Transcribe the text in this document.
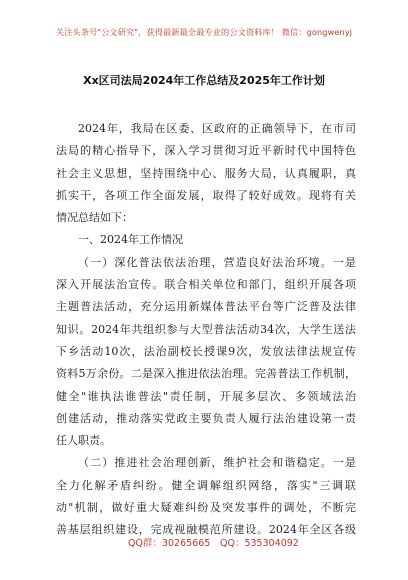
关注头条号"公文研究"，获得最新最全最专业的公文资料库！ 微信：gongwenyj
Xx区司法局2024年工作总结及2025年工作计划
2024年，我局在区委、区政府的正确领导下，在市司
法局的精心指导下，深入学习贯彻习近平新时代中国特色
社会主义思想，坚持围绕中心、服务大局，认真履职，真
抓实干，各项工作全面发展，取得了较好成效。现将有关
情况总结如下：
一、2024年工作情况
（一）深化普法依法治理，营造良好法治环境。一是
深入开展法治宣传。联合相关单位和部门，组织开展各项
主题普法活动，充分运用新媒体普法平台等广泛普及法律
知识。2024年共组织参与大型普法活动34次，大学生送法
下乡活动10次，法治副校长授课9次，发放法律法规宣传
资料5万余份。二是深入推进依法治理。完善普法工作机制，
健全"谁执法谁普法"责任制，开展多层次、多领域法治
创建活动，推动落实党政主要负责人履行法治建设第一责
任人职责。
（二）推进社会治理创新，维护社会和谐稳定。一是
全力化解矛盾纠纷。健全调解组织网络，落实"三调联
动"机制，做好重大疑难纠纷及突发事件的调处，不断完
善基层组织建设，完成视融模范所建设。2024年全区各级
QQ群：30265665 QQ：535304092
